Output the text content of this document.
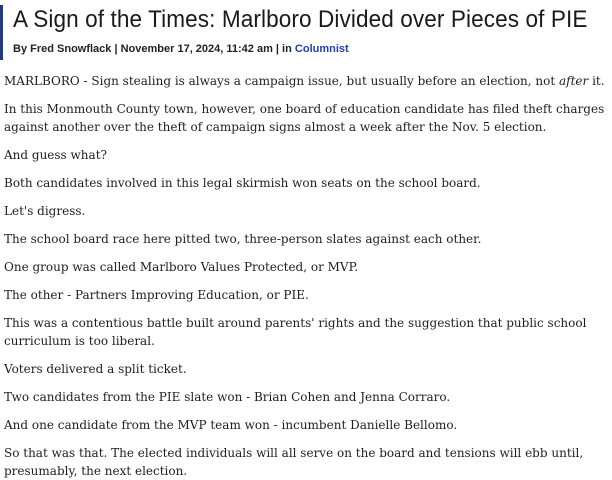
A Sign of the Times: Marlboro Divided over Pieces of PIE
By Fred Snowflack | November 17, 2024, 11:42 am | in Columnist

MARLBORO - Sign stealing is always a campaign issue, but usually before an election, not after it.

In this Monmouth County town, however, one board of education candidate has filed theft charges against another over the theft of campaign signs almost a week after the Nov. 5 election.

And guess what?

Both candidates involved in this legal skirmish won seats on the school board.

Let's digress.

The school board race here pitted two, three-person slates against each other.

One group was called Marlboro Values Protected, or MVP.

The other - Partners Improving Education, or PIE.

This was a contentious battle built around parents' rights and the suggestion that public school curriculum is too liberal.

Voters delivered a split ticket.

Two candidates from the PIE slate won - Brian Cohen and Jenna Corraro.

And one candidate from the MVP team won - incumbent Danielle Bellomo.

So that was that. The elected individuals will all serve on the board and tensions will ebb until, presumably, the next election.
